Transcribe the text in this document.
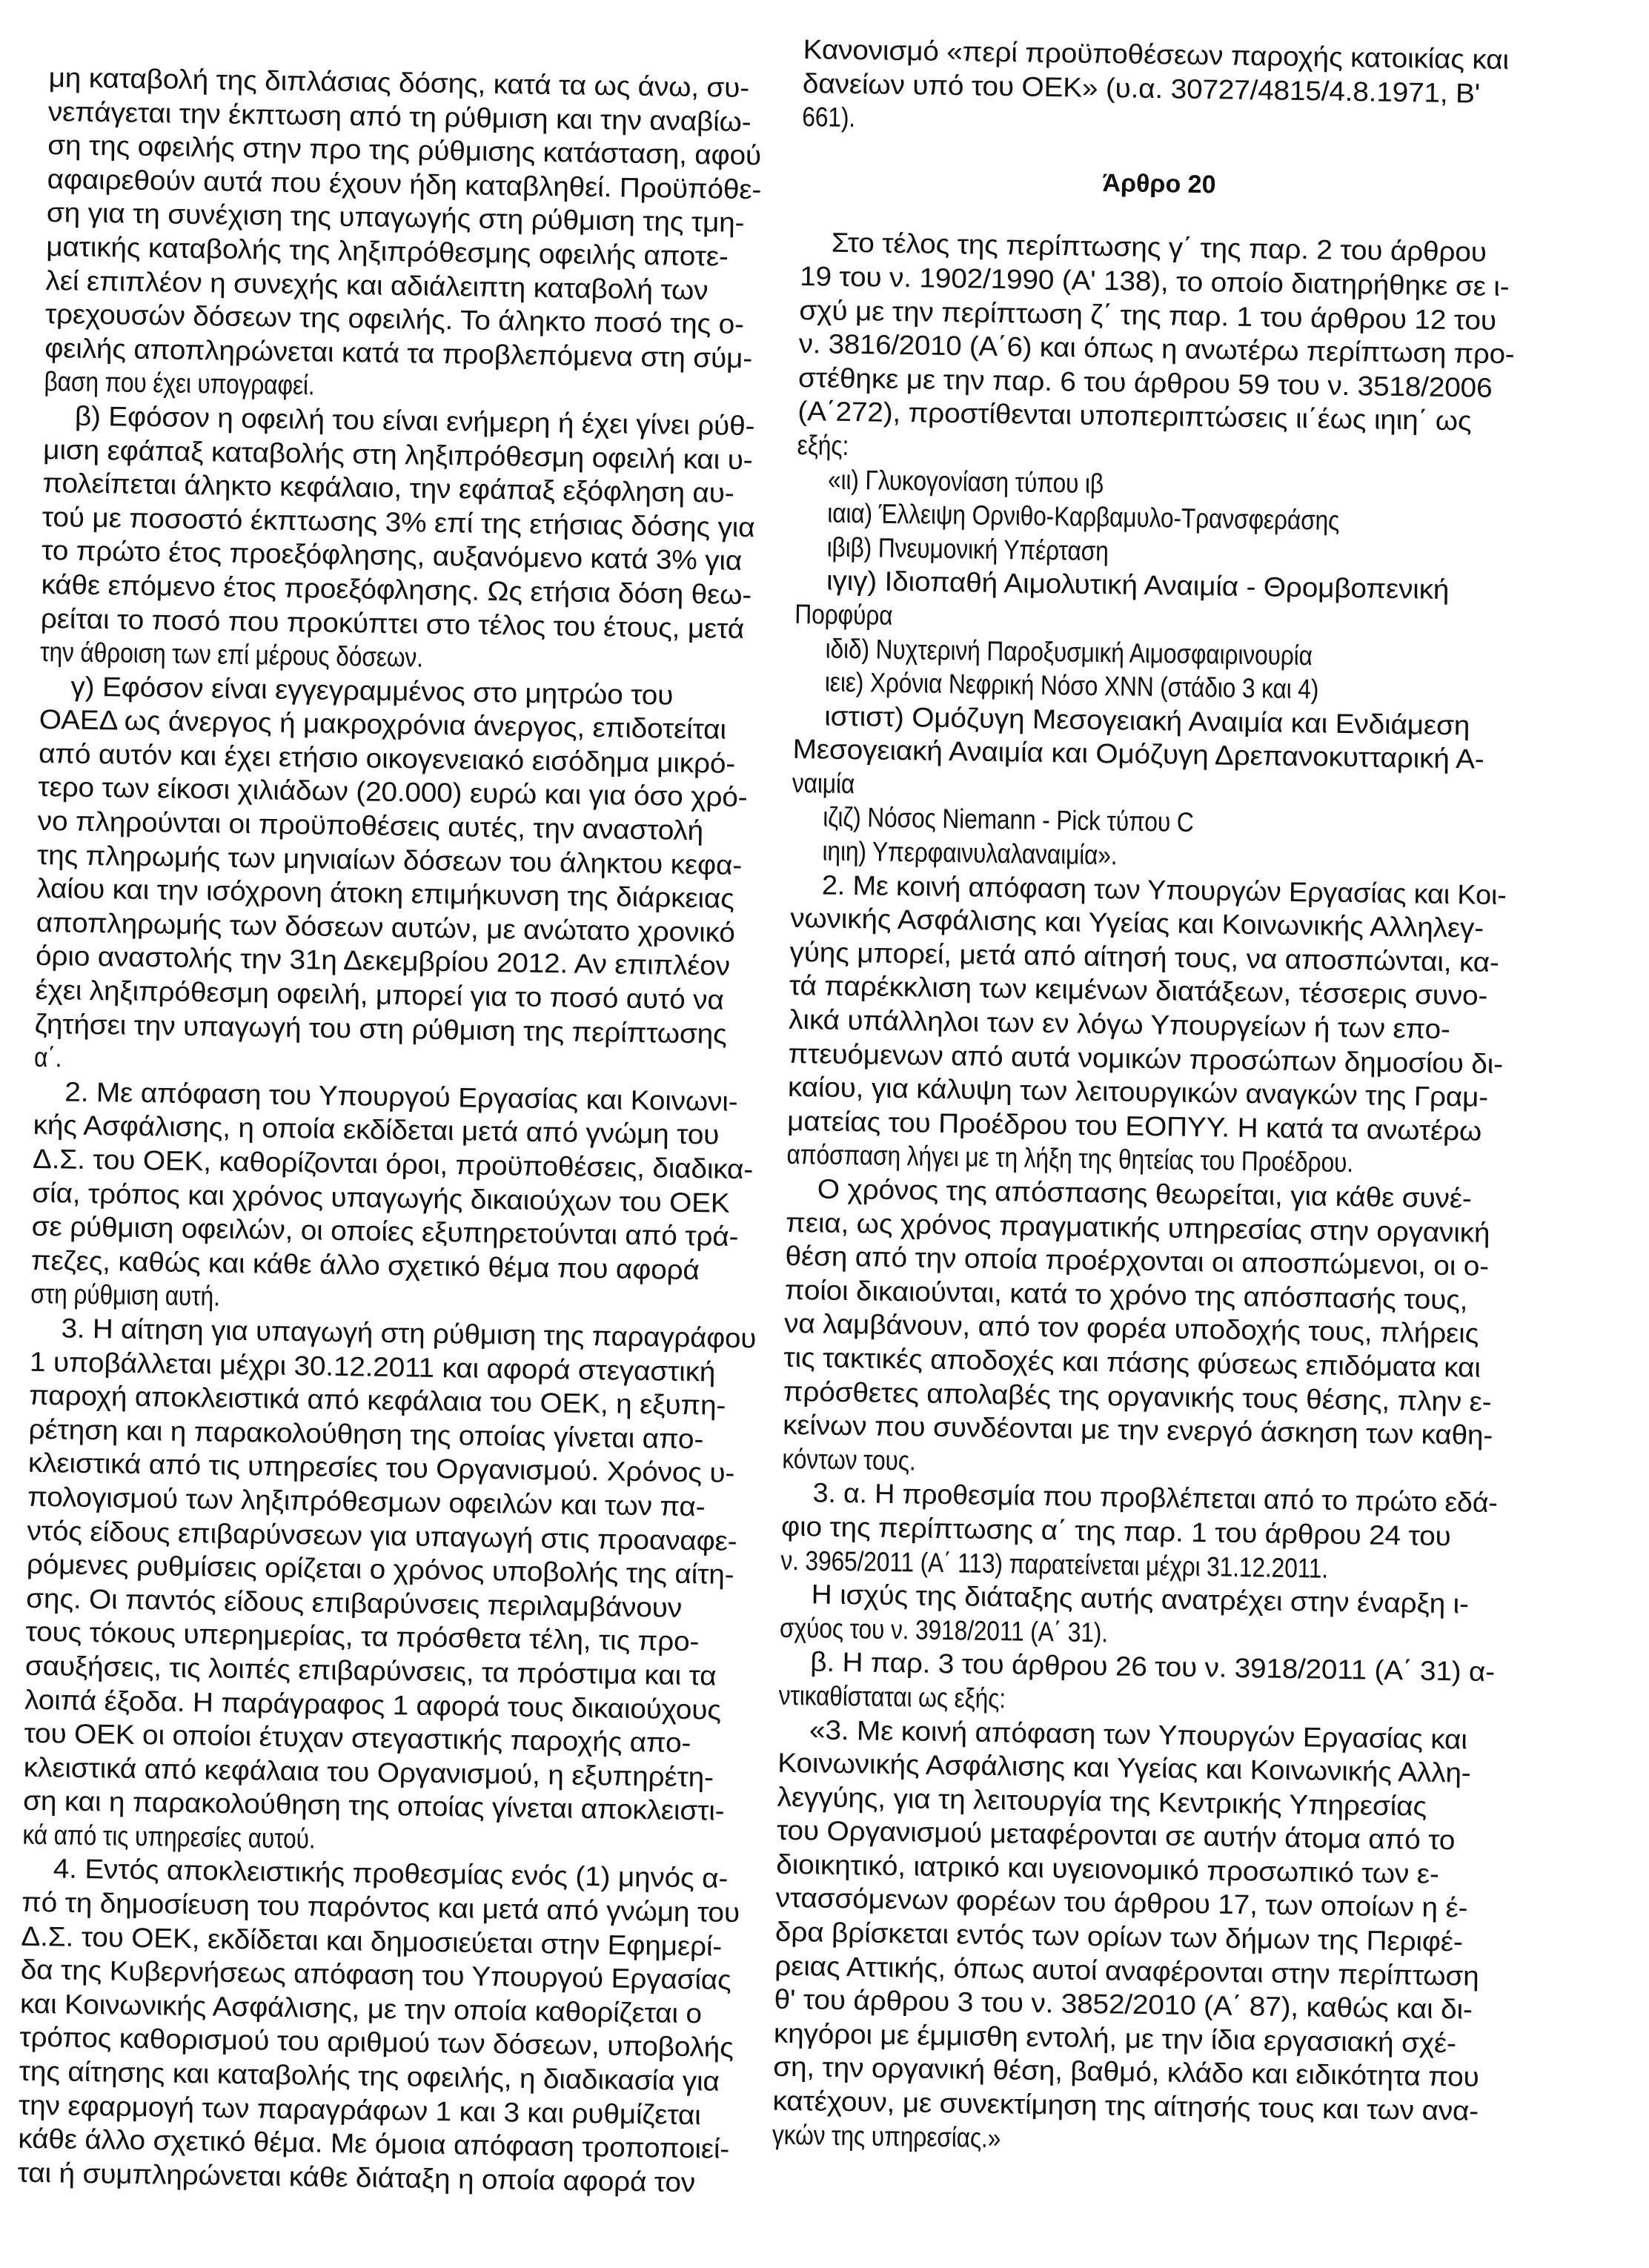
μη καταβολή της διπλάσιας δόσης, κατά τα ως άνω, συ-
νεπάγεται την έκπτωση από τη ρύθμιση και την αναβίω-
ση της οφειλής στην προ της ρύθμισης κατάσταση, αφού
αφαιρεθούν αυτά που έχουν ήδη καταβληθεί. Προϋπόθε-
ση για τη συνέχιση της υπαγωγής στη ρύθμιση της τμη-
ματικής καταβολής της ληξιπρόθεσμης οφειλής αποτε-
λεί επιπλέον η συνεχής και αδιάλειπτη καταβολή των
τρεχουσών δόσεων της οφειλής. Το άληκτο ποσό της ο-
φειλής αποπληρώνεται κατά τα προβλεπόμενα στη σύμ-
βαση που έχει υπογραφεί.
β) Εφόσον η οφειλή του είναι ενήμερη ή έχει γίνει ρύθ-
μιση εφάπαξ καταβολής στη ληξιπρόθεσμη οφειλή και υ-
πολείπεται άληκτο κεφάλαιο, την εφάπαξ εξόφληση αυ-
τού με ποσοστό έκπτωσης 3% επί της ετήσιας δόσης για
το πρώτο έτος προεξόφλησης, αυξανόμενο κατά 3% για
κάθε επόμενο έτος προεξόφλησης. Ως ετήσια δόση θεω-
ρείται το ποσό που προκύπτει στο τέλος του έτους, μετά
την άθροιση των επί μέρους δόσεων.
γ) Εφόσον είναι εγγεγραμμένος στο μητρώο του
ΟΑΕΔ ως άνεργος ή μακροχρόνια άνεργος, επιδοτείται
από αυτόν και έχει ετήσιο οικογενειακό εισόδημα μικρό-
τερο των είκοσι χιλιάδων (20.000) ευρώ και για όσο χρό-
νο πληρούνται οι προϋποθέσεις αυτές, την αναστολή
της πληρωμής των μηνιαίων δόσεων του άληκτου κεφα-
λαίου και την ισόχρονη άτοκη επιμήκυνση της διάρκειας
αποπληρωμής των δόσεων αυτών, με ανώτατο χρονικό
όριο αναστολής την 31η Δεκεμβρίου 2012. Αν επιπλέον
έχει ληξιπρόθεσμη οφειλή, μπορεί για το ποσό αυτό να
ζητήσει την υπαγωγή του στη ρύθμιση της περίπτωσης
α΄.
2. Με απόφαση του Υπουργού Εργασίας και Κοινωνι-
κής Ασφάλισης, η οποία εκδίδεται μετά από γνώμη του
Δ.Σ. του ΟΕΚ, καθορίζονται όροι, προϋποθέσεις, διαδικα-
σία, τρόπος και χρόνος υπαγωγής δικαιούχων του ΟΕΚ
σε ρύθμιση οφειλών, οι οποίες εξυπηρετούνται από τρά-
πεζες, καθώς και κάθε άλλο σχετικό θέμα που αφορά
στη ρύθμιση αυτή.
3. Η αίτηση για υπαγωγή στη ρύθμιση της παραγράφου
1 υποβάλλεται μέχρι 30.12.2011 και αφορά στεγαστική
παροχή αποκλειστικά από κεφάλαια του ΟΕΚ, η εξυπη-
ρέτηση και η παρακολούθηση της οποίας γίνεται απο-
κλειστικά από τις υπηρεσίες του Οργανισμού. Χρόνος υ-
πολογισμού των ληξιπρόθεσμων οφειλών και των πα-
ντός είδους επιβαρύνσεων για υπαγωγή στις προαναφε-
ρόμενες ρυθμίσεις ορίζεται ο χρόνος υποβολής της αίτη-
σης. Οι παντός είδους επιβαρύνσεις περιλαμβάνουν
τους τόκους υπερημερίας, τα πρόσθετα τέλη, τις προ-
σαυξήσεις, τις λοιπές επιβαρύνσεις, τα πρόστιμα και τα
λοιπά έξοδα. Η παράγραφος 1 αφορά τους δικαιούχους
του ΟΕΚ οι οποίοι έτυχαν στεγαστικής παροχής απο-
κλειστικά από κεφάλαια του Οργανισμού, η εξυπηρέτη-
ση και η παρακολούθηση της οποίας γίνεται αποκλειστι-
κά από τις υπηρεσίες αυτού.
4. Εντός αποκλειστικής προθεσμίας ενός (1) μηνός α-
πό τη δημοσίευση του παρόντος και μετά από γνώμη του
Δ.Σ. του ΟΕΚ, εκδίδεται και δημοσιεύεται στην Εφημερί-
δα της Κυβερνήσεως απόφαση του Υπουργού Εργασίας
και Κοινωνικής Ασφάλισης, με την οποία καθορίζεται ο
τρόπος καθορισμού του αριθμού των δόσεων, υποβολής
της αίτησης και καταβολής της οφειλής, η διαδικασία για
την εφαρμογή των παραγράφων 1 και 3 και ρυθμίζεται
κάθε άλλο σχετικό θέμα. Με όμοια απόφαση τροποποιεί-
ται ή συμπληρώνεται κάθε διάταξη η οποία αφορά τον
Κανονισμό «περί προϋποθέσεων παροχής κατοικίας και
δανείων υπό του ΟΕΚ» (υ.α. 30727/4815/4.8.1971, Β'
661).
Άρθρο 20
Στο τέλος της περίπτωσης γ΄ της παρ. 2 του άρθρου
19 του ν. 1902/1990 (Α' 138), το οποίο διατηρήθηκε σε ι-
σχύ με την περίπτωση ζ΄ της παρ. 1 του άρθρου 12 του
ν. 3816/2010 (Α΄6) και όπως η ανωτέρω περίπτωση προ-
στέθηκε με την παρ. 6 του άρθρου 59 του ν. 3518/2006
(Α΄272), προστίθενται υποπεριπτώσεις ιι΄έως ιηιη΄ ως
εξής:
«ιι) Γλυκογονίαση τύπου ιβ
ιαια) Έλλειψη Ορνιθο-Καρβαμυλο-Τρανσφεράσης
ιβιβ) Πνευμονική Υπέρταση
ιγιγ) Ιδιοπαθή Αιμολυτική Αναιμία - Θρομβοπενική
Πορφύρα
ιδιδ) Νυχτερινή Παροξυσμική Αιμοσφαιρινουρία
ιειε) Χρόνια Νεφρική Νόσο ΧΝΝ (στάδιο 3 και 4)
ιστιστ) Ομόζυγη Μεσογειακή Αναιμία και Ενδιάμεση
Μεσογειακή Αναιμία και Ομόζυγη Δρεπανοκυτταρική Α-
ναιμία
ιζιζ) Νόσος Niemann - Pick τύπου C
ιηιη) Υπερφαινυλαλαναιμία».
2. Με κοινή απόφαση των Υπουργών Εργασίας και Κοι-
νωνικής Ασφάλισης και Υγείας και Κοινωνικής Αλληλεγ-
γύης μπορεί, μετά από αίτησή τους, να αποσπώνται, κα-
τά παρέκκλιση των κειμένων διατάξεων, τέσσερις συνο-
λικά υπάλληλοι των εν λόγω Υπουργείων ή των επο-
πτευόμενων από αυτά νομικών προσώπων δημοσίου δι-
καίου, για κάλυψη των λειτουργικών αναγκών της Γραμ-
ματείας του Προέδρου του ΕΟΠΥΥ. Η κατά τα ανωτέρω
απόσπαση λήγει με τη λήξη της θητείας του Προέδρου.
Ο χρόνος της απόσπασης θεωρείται, για κάθε συνέ-
πεια, ως χρόνος πραγματικής υπηρεσίας στην οργανική
θέση από την οποία προέρχονται οι αποσπώμενοι, οι ο-
ποίοι δικαιούνται, κατά το χρόνο της απόσπασής τους,
να λαμβάνουν, από τον φορέα υποδοχής τους, πλήρεις
τις τακτικές αποδοχές και πάσης φύσεως επιδόματα και
πρόσθετες απολαβές της οργανικής τους θέσης, πλην ε-
κείνων που συνδέονται με την ενεργό άσκηση των καθη-
κόντων τους.
3. α. Η προθεσμία που προβλέπεται από το πρώτο εδά-
φιο της περίπτωσης α΄ της παρ. 1 του άρθρου 24 του
ν. 3965/2011 (Α΄ 113) παρατείνεται μέχρι 31.12.2011.
Η ισχύς της διάταξης αυτής ανατρέχει στην έναρξη ι-
σχύος του ν. 3918/2011 (Α΄ 31).
β. Η παρ. 3 του άρθρου 26 του ν. 3918/2011 (Α΄ 31) α-
ντικαθίσταται ως εξής:
«3. Με κοινή απόφαση των Υπουργών Εργασίας και
Κοινωνικής Ασφάλισης και Υγείας και Κοινωνικής Αλλη-
λεγγύης, για τη λειτουργία της Κεντρικής Υπηρεσίας
του Οργανισμού μεταφέρονται σε αυτήν άτομα από το
διοικητικό, ιατρικό και υγειονομικό προσωπικό των ε-
ντασσόμενων φορέων του άρθρου 17, των οποίων η έ-
δρα βρίσκεται εντός των ορίων των δήμων της Περιφέ-
ρειας Αττικής, όπως αυτοί αναφέρονται στην περίπτωση
θ' του άρθρου 3 του ν. 3852/2010 (Α΄ 87), καθώς και δι-
κηγόροι με έμμισθη εντολή, με την ίδια εργασιακή σχέ-
ση, την οργανική θέση, βαθμό, κλάδο και ειδικότητα που
κατέχουν, με συνεκτίμηση της αίτησής τους και των ανα-
γκών της υπηρεσίας.»
